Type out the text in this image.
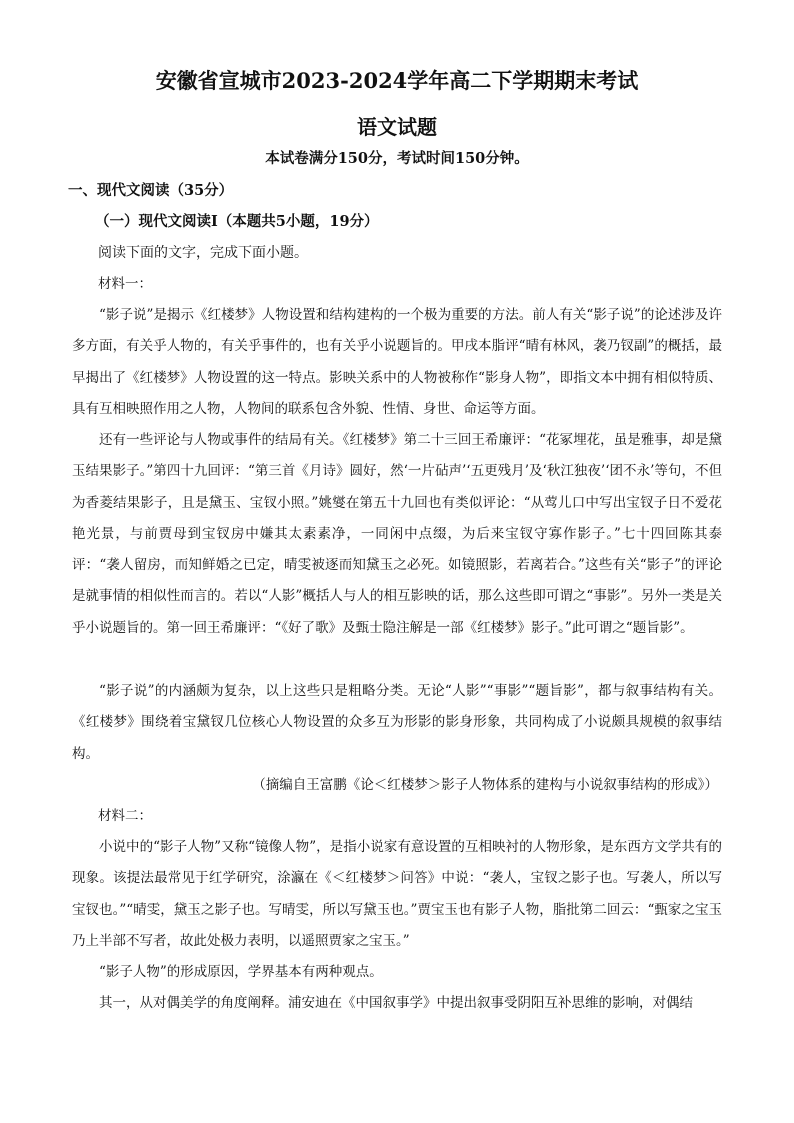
安徽省宣城市2023-2024学年高二下学期期末考试
语文试题
本试卷满分150分，考试时间150分钟。
一、现代文阅读（35分）
（一）现代文阅读Ⅰ（本题共5小题，19分）
阅读下面的文字，完成下面小题。
材料一：

“影子说”是揭示《红楼梦》人物设置和结构建构的一个极为重要的方法。前人有关“影子说”的论述涉及许多方面，有关乎人物的，有关乎事件的，也有关乎小说题旨的。甲戌本脂评“晴有林风，袭乃钗副”的概括，最早揭出了《红楼梦》人物设置的这一特点。影映关系中的人物被称作“影身人物”，即指文本中拥有相似特质、具有互相映照作用之人物，人物间的联系包含外貌、性情、身世、命运等方面。

还有一些评论与人物或事件的结局有关。《红楼梦》第二十三回王希廉评：“花冢埋花，虽是雅事，却是黛玉结果影子。”第四十九回评：“第三首《月诗》圆好，然‘一片砧声’‘五更残月’及‘秋江独夜’‘团不永’等句，不但为香菱结果影子，且是黛玉、宝钗小照。”姚燮在第五十九回也有类似评论：“从莺儿口中写出宝钗子日不爱花艳光景，与前贾母到宝钗房中嫌其太素素净，一同闲中点缀，为后来宝钗守寡作影子。”七十四回陈其泰评：“袭人留房，而知鲜婚之已定，晴雯被逐而知黛玉之必死。如镜照影，若离若合。”这些有关“影子”的评论是就事情的相似性而言的。若以“人影”概括人与人的相互影映的话，那么这些即可谓之“事影”。另外一类是关乎小说题旨的。第一回王希廉评：“《好了歌》及甄士隐注解是一部《红楼梦》影子。”此可谓之“题旨影”。

“影子说”的内涵颇为复杂，以上这些只是粗略分类。无论“人影”“事影”“题旨影”，都与叙事结构有关。《红楼梦》围绕着宝黛钗几位核心人物设置的众多互为形影的影身形象，共同构成了小说颇具规模的叙事结构。

（摘编自王富鹏《论＜红楼梦＞影子人物体系的建构与小说叙事结构的形成》）
材料二：

小说中的“影子人物”又称“镜像人物”，是指小说家有意设置的互相映衬的人物形象，是东西方文学共有的现象。该提法最常见于红学研究，涂瀛在《＜红楼梦＞问答》中说：“袭人，宝钗之影子也。写袭人，所以写宝钗也。”“晴雯，黛玉之影子也。写晴雯，所以写黛玉也。”贾宝玉也有影子人物，脂批第二回云：“甄家之宝玉乃上半部不写者，故此处极力表明，以遥照贾家之宝玉。”

“影子人物”的形成原因，学界基本有两种观点。

其一，从对偶美学的角度阐释。浦安迪在《中国叙事学》中提出叙事受阴阳互补思维的影响，对偶结
